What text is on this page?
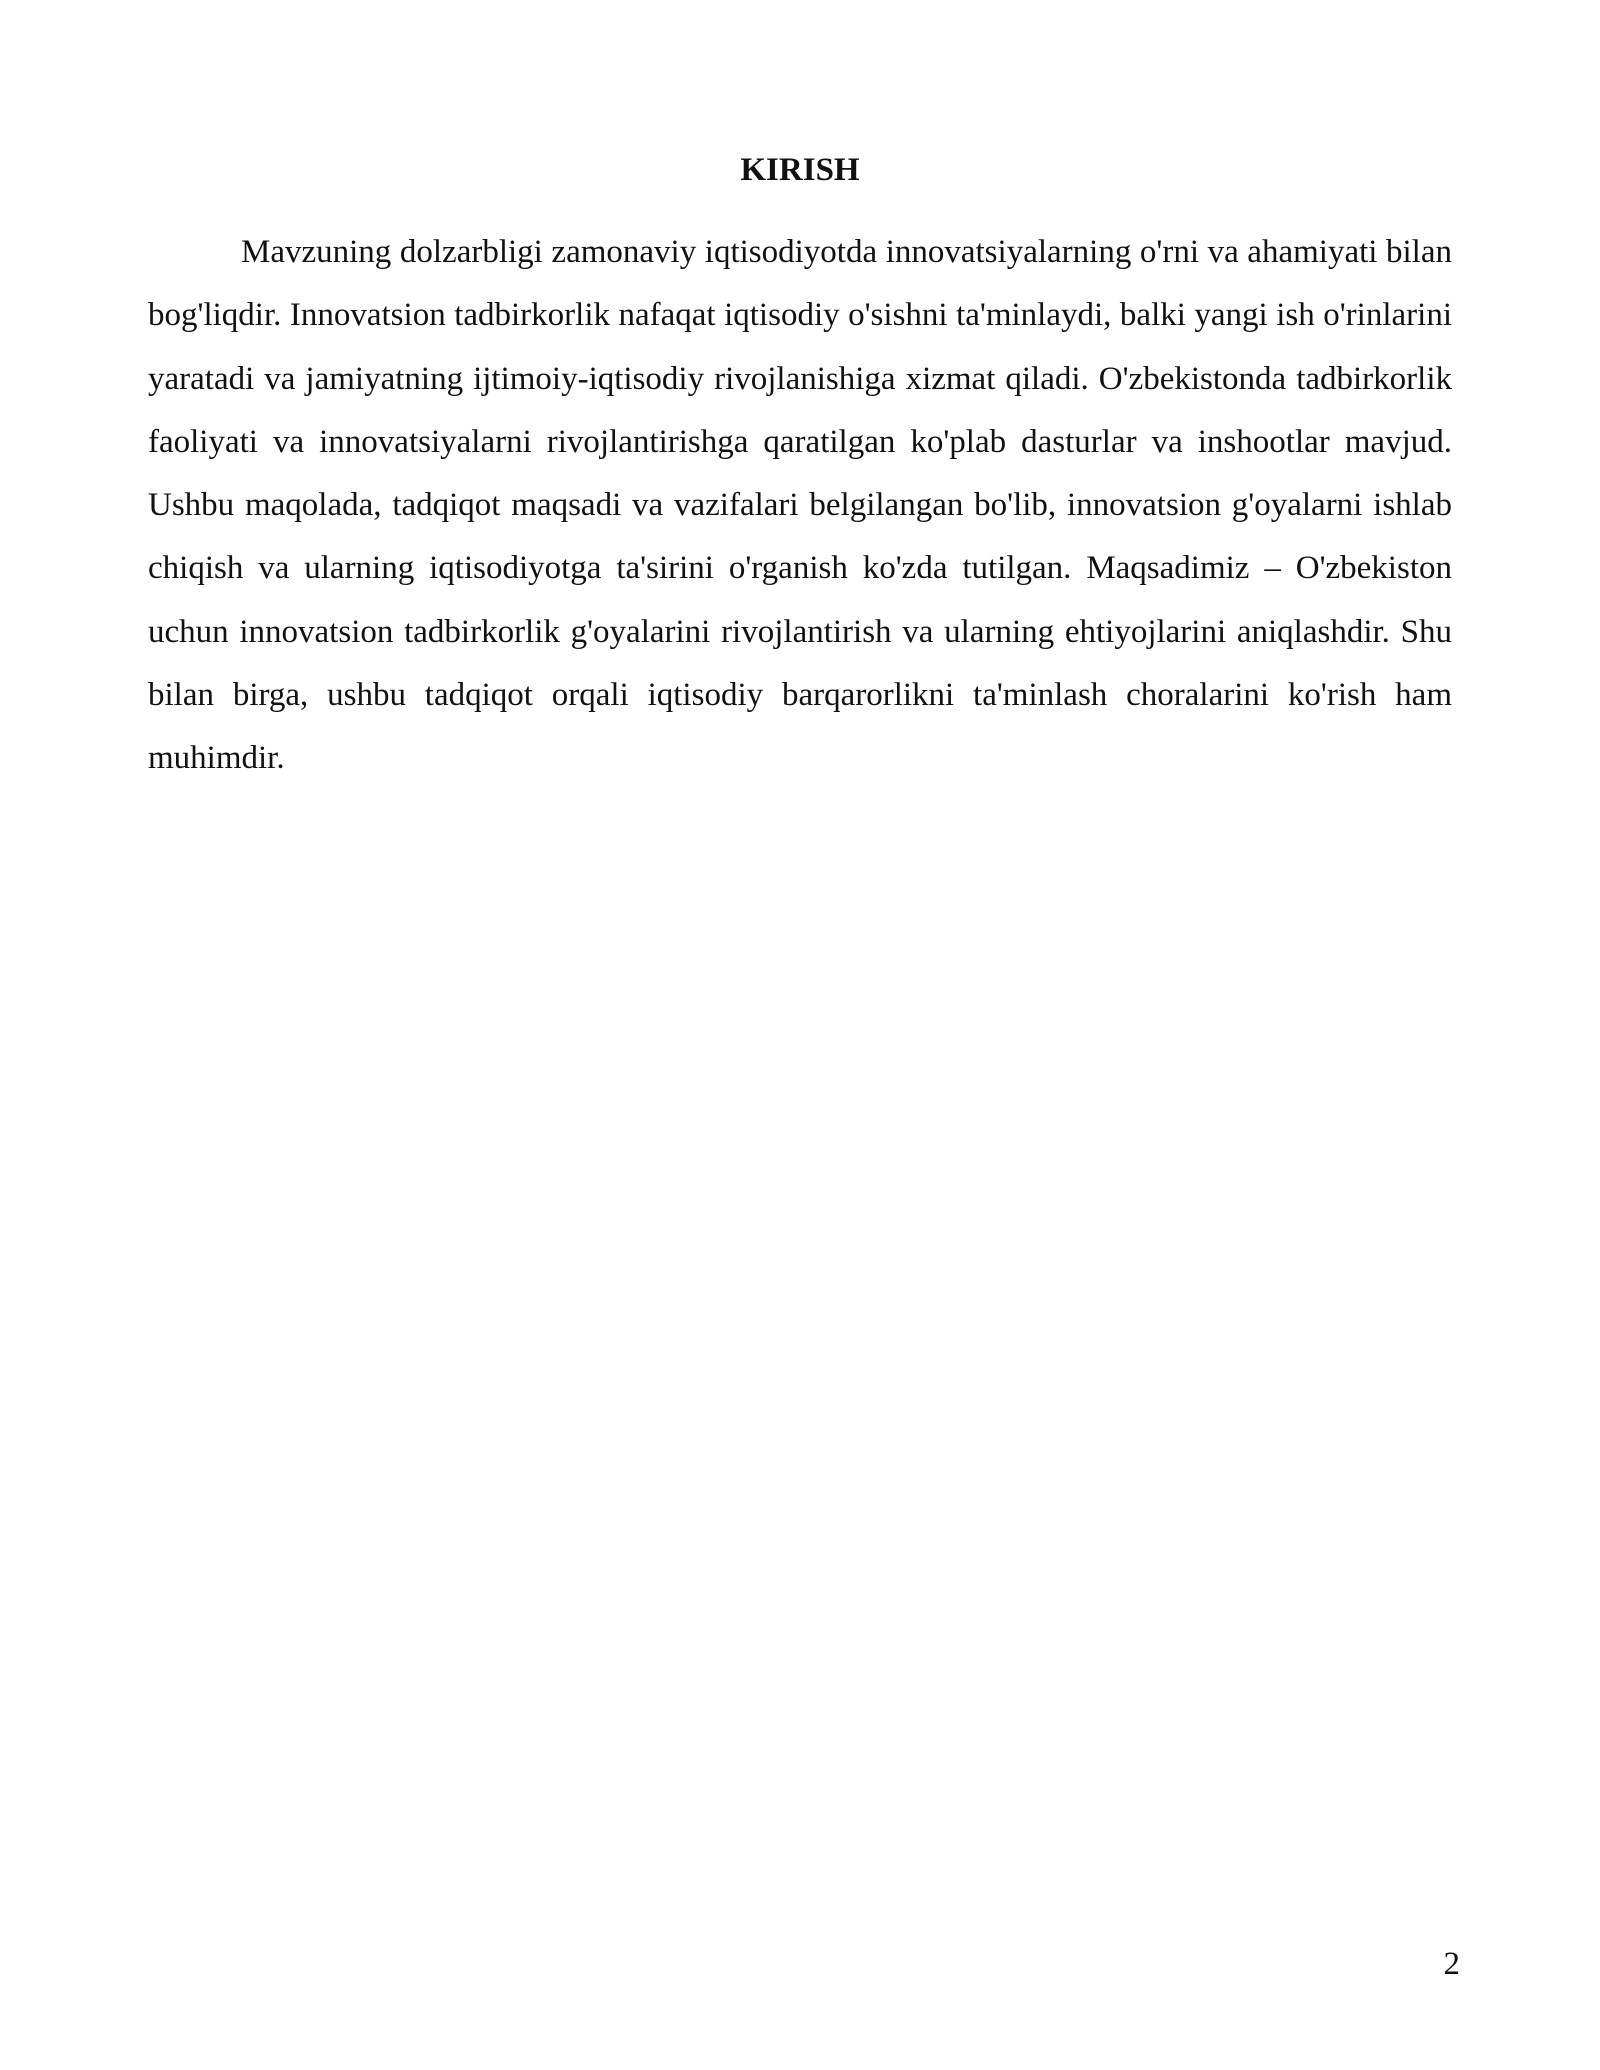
KIRISH

Mavzuning dolzarbligi zamonaviy iqtisodiyotda innovatsiyalarning o'rni va ahamiyati bilan bog'liqdir. Innovatsion tadbirkorlik nafaqat iqtisodiy o'sishni ta'minlaydi, balki yangi ish o'rinlarini yaratadi va jamiyatning ijtimoiy-iqtisodiy rivojlanishiga xizmat qiladi. O'zbekistonda tadbirkorlik faoliyati va innovatsiyalarni rivojlantirishga qaratilgan ko'plab dasturlar va inshootlar mavjud. Ushbu maqolada, tadqiqot maqsadi va vazifalari belgilangan bo'lib, innovatsion g'oyalarni ishlab chiqish va ularning iqtisodiyotga ta'sirini o'rganish ko'zda tutilgan. Maqsadimiz – O'zbekiston uchun innovatsion tadbirkorlik g'oyalarini rivojlantirish va ularning ehtiyojlarini aniqlashdir. Shu bilan birga, ushbu tadqiqot orqali iqtisodiy barqarorlikni ta'minlash choralarini ko'rish ham muhimdir.

2
